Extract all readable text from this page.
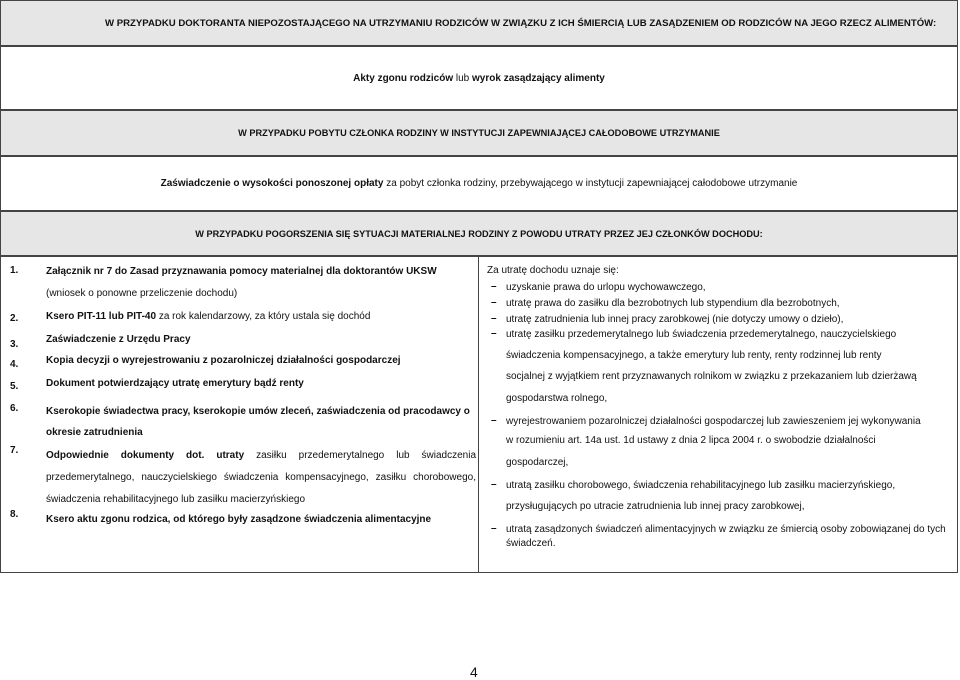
W PRZYPADKU DOKTORANTA NIEPOZOSTAJĄCEGO NA UTRZYMANIU RODZICÓW W ZWIĄZKU Z ICH ŚMIERCIĄ LUB ZASĄDZENIEM OD RODZICÓW NA JEGO RZECZ ALIMENTÓW:
Akty zgonu rodziców lub wyrok zasądzający alimenty
W PRZYPADKU POBYTU CZŁONKA RODZINY W INSTYTUCJI ZAPEWNIAJĄCEJ CAŁODOBOWE UTRZYMANIE
Zaświadczenie o wysokości ponoszonej opłaty za pobyt członka rodziny, przebywającego w instytucji zapewniającej całodobowe utrzymanie
W PRZYPADKU POGORSZENIA SIĘ SYTUACJI MATERIALNEJ RODZINY Z POWODU UTRATY PRZEZ JEJ CZŁONKÓW DOCHODU:
1.	Załącznik nr 7 do Zasad przyznawania pomocy materialnej dla doktorantów UKSW
(wniosek o ponowne przeliczenie dochodu)
2.	Ksero PIT-11 lub PIT-40 za rok kalendarzowy, za który ustala się dochód
3.	Zaświadczenie z Urzędu Pracy
4.	Kopia decyzji o wyrejestrowaniu z pozarolniczej działalności gospodarczej
5.	Dokument potwierdzający utratę emerytury bądź renty
6.	Kserokopie świadectwa pracy, kserokopie umów zleceń, zaświadczenia od pracodawcy o okresie zatrudnienia
7.	Odpowiednie dokumenty dot. utraty zasiłku przedemerytalnego lub świadczenia przedemerytalnego, nauczycielskiego świadczenia kompensacyjnego, zasiłku chorobowego, świadczenia rehabilitacyjnego lub zasiłku macierzyńskiego
8.	Ksero aktu zgonu rodzica, od którego były zasądzone świadczenia alimentacyjne
Za utratę dochodu uznaje się:
– uzyskanie prawa do urlopu wychowawczego,
– utratę prawa do zasiłku dla bezrobotnych lub stypendium dla bezrobotnych,
– utratę zatrudnienia lub innej pracy zarobkowej (nie dotyczy umowy o dzieło),
– utratę zasiłku przedemerytalnego lub świadczenia przedemerytalnego, nauczycielskiego
świadczenia kompensacyjnego, a także emerytury lub renty, renty rodzinnej lub renty
socjalnej z wyjątkiem rent przyznawanych rolnikom w związku z przekazaniem lub dzierżawą
gospodarstwa rolnego,
– wyrejestrowaniem pozarolniczej działalności gospodarczej lub zawieszeniem jej wykonywania
w rozumieniu art. 14a ust. 1d ustawy z dnia 2 lipca 2004 r. o swobodzie działalności
gospodarczej,
– utratą zasiłku chorobowego, świadczenia rehabilitacyjnego lub zasiłku macierzyńskiego,
przysługujących po utracie zatrudnienia lub innej pracy zarobkowej,
– utratą zasądzonych świadczeń alimentacyjnych w związku ze śmiercią osoby zobowiązanej do tych świadczeń.
4
